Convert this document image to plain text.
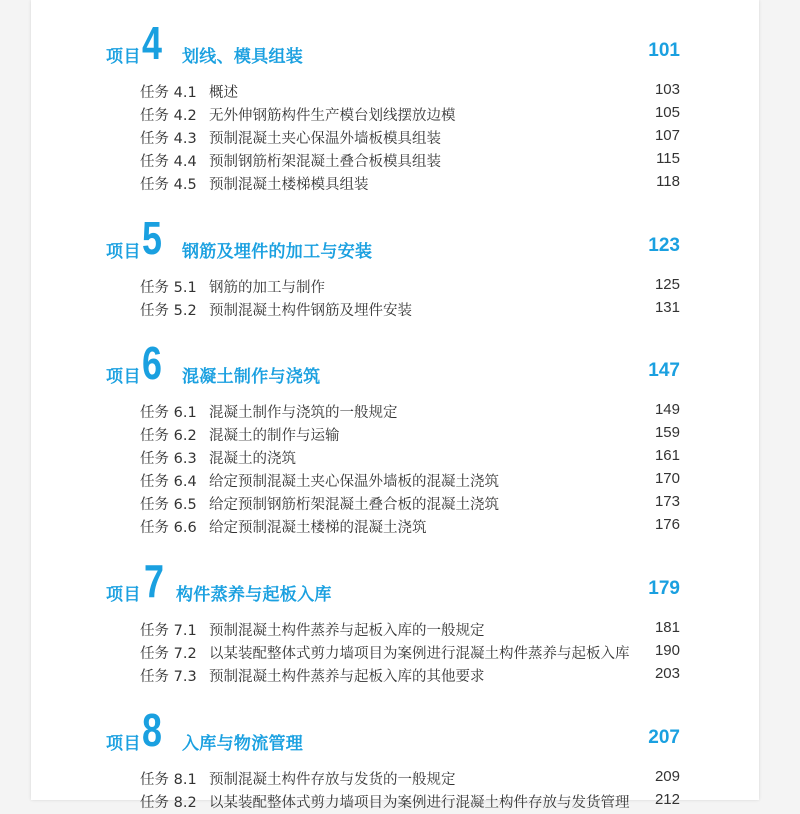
项目 4 划线、模具组装	101
任务 4.1 概述	103
任务 4.2 无外伸钢筋构件生产模台划线摆放边模	105
任务 4.3 预制混凝土夹心保温外墙板模具组装	107
任务 4.4 预制钢筋桁架混凝土叠合板模具组装	115
任务 4.5 预制混凝土楼梯模具组装	118
项目 5 钢筋及埋件的加工与安装	123
任务 5.1 钢筋的加工与制作	125
任务 5.2 预制混凝土构件钢筋及埋件安装	131
项目 6 混凝土制作与浇筑	147
任务 6.1 混凝土制作与浇筑的一般规定	149
任务 6.2 混凝土的制作与运输	159
任务 6.3 混凝土的浇筑	161
任务 6.4 给定预制混凝土夹心保温外墙板的混凝土浇筑	170
任务 6.5 给定预制钢筋桁架混凝土叠合板的混凝土浇筑	173
任务 6.6 给定预制混凝土楼梯的混凝土浇筑	176
项目 7 构件蒸养与起板入库	179
任务 7.1 预制混凝土构件蒸养与起板入库的一般规定	181
任务 7.2 以某装配整体式剪力墙项目为案例进行混凝土构件蒸养与起板入库 190
任务 7.3 预制混凝土构件蒸养与起板入库的其他要求	203
项目 8 入库与物流管理	207
任务 8.1 预制混凝土构件存放与发货的一般规定	209
任务 8.2 以某装配整体式剪力墙项目为案例进行混凝土构件存放与发货管理 212
